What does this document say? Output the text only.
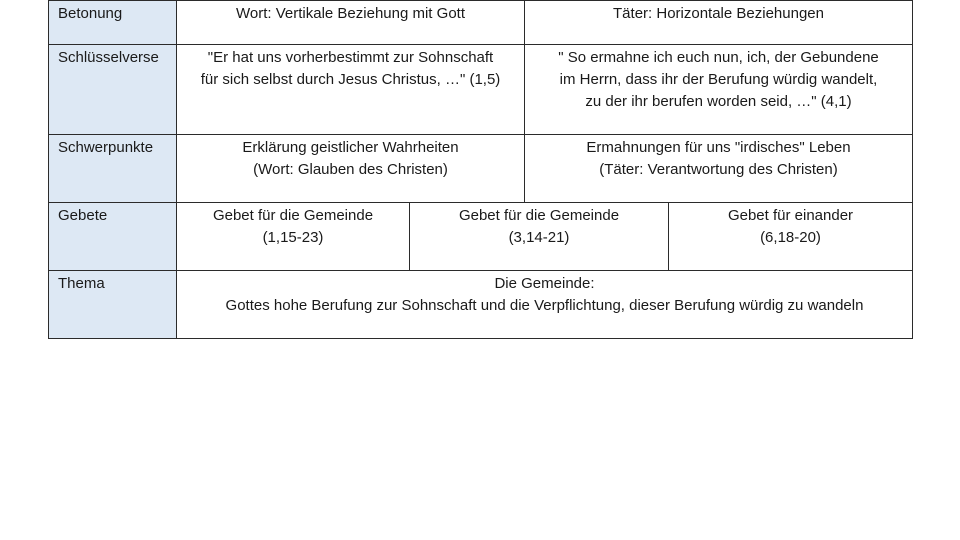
Betonung	Wort: Vertikale Beziehung mit Gott		Täter: Horizontale Beziehungen	

Schlüsselverse	"Er hat uns vorherbestimmt zur Sohnschaft
für sich selbst durch Jesus Christus, …" (1,5)		" So ermahne ich euch nun, ich, der Gebundene
im Herrn, dass ihr der Berufung würdig wandelt,
zu der ihr berufen worden seid, …" (4,1)	

Schwerpunkte	Erklärung geistlicher Wahrheiten
(Wort: Glauben des Christen)		Ermahnungen für uns "irdisches" Leben
(Täter: Verantwortung des Christen)	

Gebete	Gebet für die Gemeinde
(1,15-23)	Gebet für die Gemeinde
(3,14-21)		Gebet für einander
(6,18-20)

Thema	Die Gemeinde:
Gottes hohe Berufung zur Sohnschaft und die Verpflichtung, dieser Berufung würdig zu wandeln			
